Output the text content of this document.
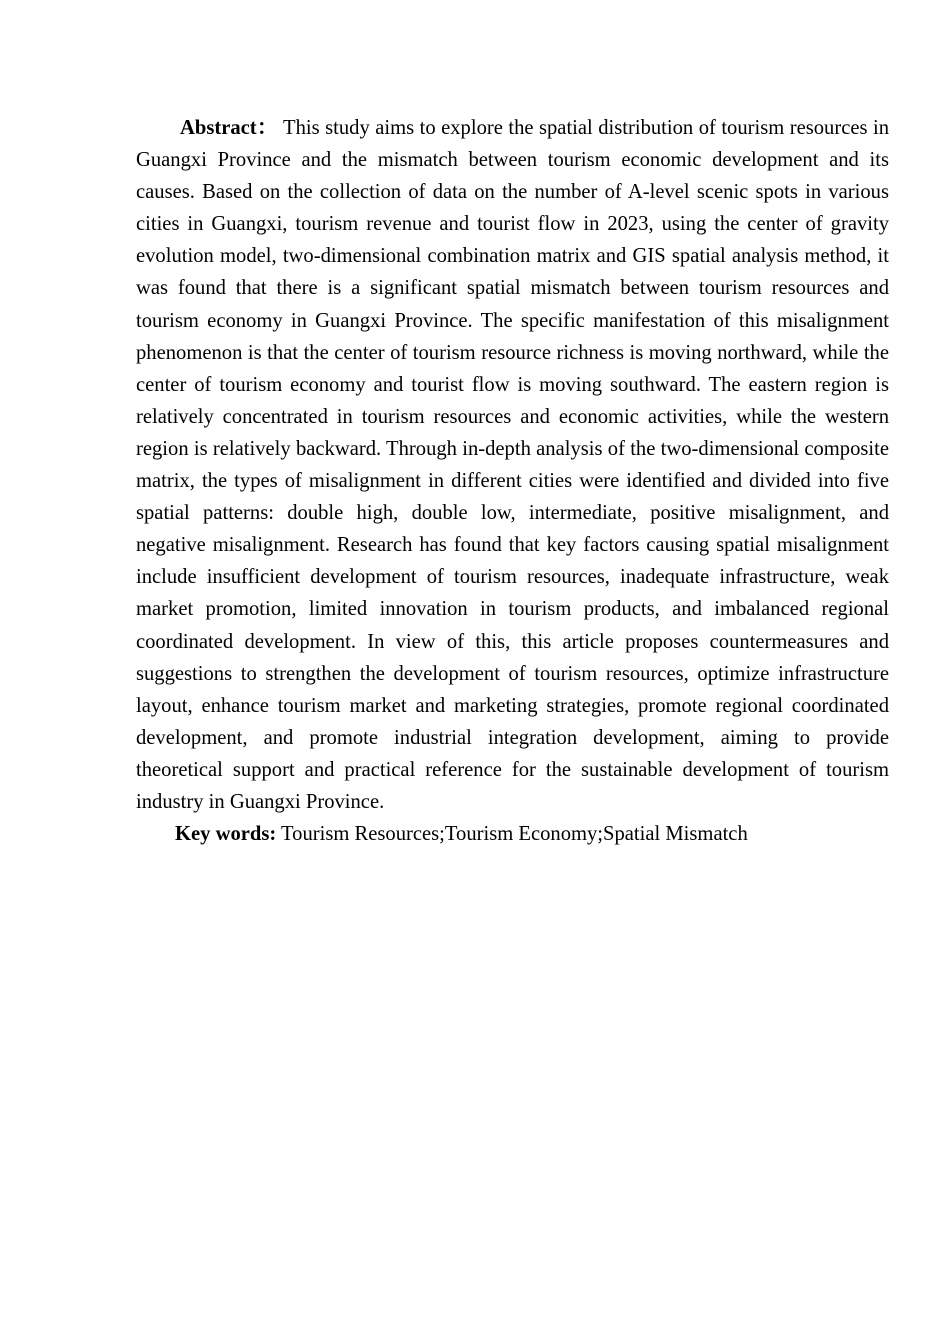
Abstract： This study aims to explore the spatial distribution of tourism resources in Guangxi Province and the mismatch between tourism economic development and its causes. Based on the collection of data on the number of A-level scenic spots in various cities in Guangxi, tourism revenue and tourist flow in 2023, using the center of gravity evolution model, two-dimensional combination matrix and GIS spatial analysis method, it was found that there is a significant spatial mismatch between tourism resources and tourism economy in Guangxi Province. The specific manifestation of this misalignment phenomenon is that the center of tourism resource richness is moving northward, while the center of tourism economy and tourist flow is moving southward. The eastern region is relatively concentrated in tourism resources and economic activities, while the western region is relatively backward. Through in-depth analysis of the two-dimensional composite matrix, the types of misalignment in different cities were identified and divided into five spatial patterns: double high, double low, intermediate, positive misalignment, and negative misalignment. Research has found that key factors causing spatial misalignment include insufficient development of tourism resources, inadequate infrastructure, weak market promotion, limited innovation in tourism products, and imbalanced regional coordinated development. In view of this, this article proposes countermeasures and suggestions to strengthen the development of tourism resources, optimize infrastructure layout, enhance tourism market and marketing strategies, promote regional coordinated development, and promote industrial integration development, aiming to provide theoretical support and practical reference for the sustainable development of tourism industry in Guangxi Province.

Key words: Tourism Resources;Tourism Economy;Spatial Mismatch
